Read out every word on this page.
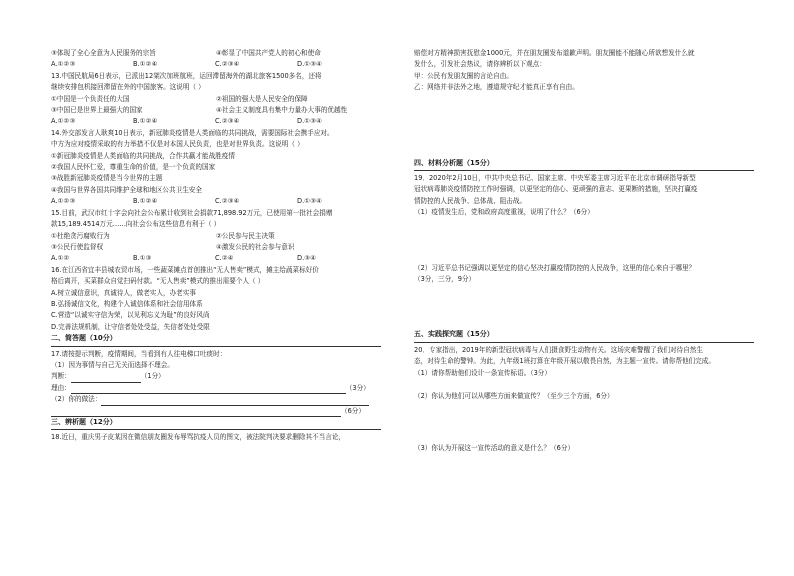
③体现了全心全意为人民服务的宗旨	④彰显了中国共产党人的初心和使命
A.①②③	B.①②④	C.②③④	D.①③④
13.中国民航局6日表示，已派出12架次加班航班，运回滞留海外的湖北旅客1500多名，还将
继续安排包机接回滞留在外的中国旅客。这说明（ ）
①中国是一个负责任的大国	②祖国的强大是人民安全的保障
③中国已是世界上最强大的国家	④社会主义制度具有集中力量办大事的优越性
A.①②③	B.①②④	C.②③④	D.①③④
14.外交部发言人耿爽10日表示，新冠肺炎疫情是人类面临的共同挑战，需要国际社会携手应对。
中方为应对疫情采取的有力举措不仅是对本国人民负责，也是对世界负责。这说明（ ）
①新冠肺炎疫情是人类面临的共同挑战，合作共赢才能战胜疫情
②我国人民怀仁爱，尊重生命的价值，是一个负责的国家
③战胜新冠肺炎疫情是当今世界的主题
④我国与世界各国共同维护全球和地区公共卫生安全
A.①②③	B.①②④	C.②③④	D.①③④
15.目前，武汉市红十字会向社会公布累计收到社会捐款71,898.92万元，已使用第一批社会捐赠
款15,189.4514万元……向社会公布这些信息有利于（ ）
①杜绝贪污腐败行为	②公民参与民主决策
③公民行使监督权	④激发公民的社会参与意识
A.①②	B.①③	C.②④	D.③④
16.在江西省宜丰县城农贸市场，一些蔬菜摊点首创推出“无人售卖”模式，摊主给蔬菜标好价
格后离开，买菜群众自觉扫码付款。“无人售卖”模式的推出需要个人（ ）
A.树立诚信意识，真诚待人，做老实人，办老实事
B.弘扬诚信文化，构建个人诚信体系和社会信用体系
C.营造“以诚实守信为荣，以见利忘义为耻”的良好风尚
D.完善法规机制，让守信者处处受益，失信者处处受限
二、简答题（10分）
17.请按提示判断，疫情期间，当看到有人往电梯口吐痰时：
（1）因为事情与自己无关而选择不理会。
判断：	（1分）
理由：	（3分）
（2）你的做法：
（6分）
三、辨析题（12分）
18.近日，重庆男子皮某因在微信朋友圈发布辱骂抗疫人员的图文，被法院判决要求删除其不当言论，
赔偿对方精神损害抚慰金1000元，并在朋友圈发布道歉声明。朋友圈能不能随心所欲想发什么就
发什么，引发社会热议，请你辨析以下观点：
甲：公民有发朋友圈的言论自由。
乙：网络并非法外之地，遵道规守纪才能真正享有自由。
四、材料分析题（15分）
19．2020年2月10日，中共中央总书记、国家主席、中央军委主席习近平在北京市调研指导新型
冠状病毒肺炎疫情防控工作时强调，以更坚定的信心、更顽强的意志、更果断的措施，坚决打赢疫
情防控的人民战争、总体战、阻击战。
（1）疫情发生后，党和政府高度重视，说明了什么？（6分）
（2）习近平总书记强调以更坚定的信心坚决打赢疫情防控的人民战争，这里的信心来自于哪里？
（3分，三分，9分）
五、实践探究题（15分）
20．专家指出，2019年的新型冠状病毒与人们摄食野生动物有关。这场灾难警醒了我们对待自然生
态，对待生命的警钟。为此，九年级1班打算在年级开展以敬畏自然，为主题一宣传。请你帮他们完成。
（1）请你帮助他们设计一条宣传标语。（3分）
（2）你认为他们可以从哪些方面来做宣传？（至少三个方面，6分）
（3）你认为开展这一宣传活动的意义是什么？（6分）
